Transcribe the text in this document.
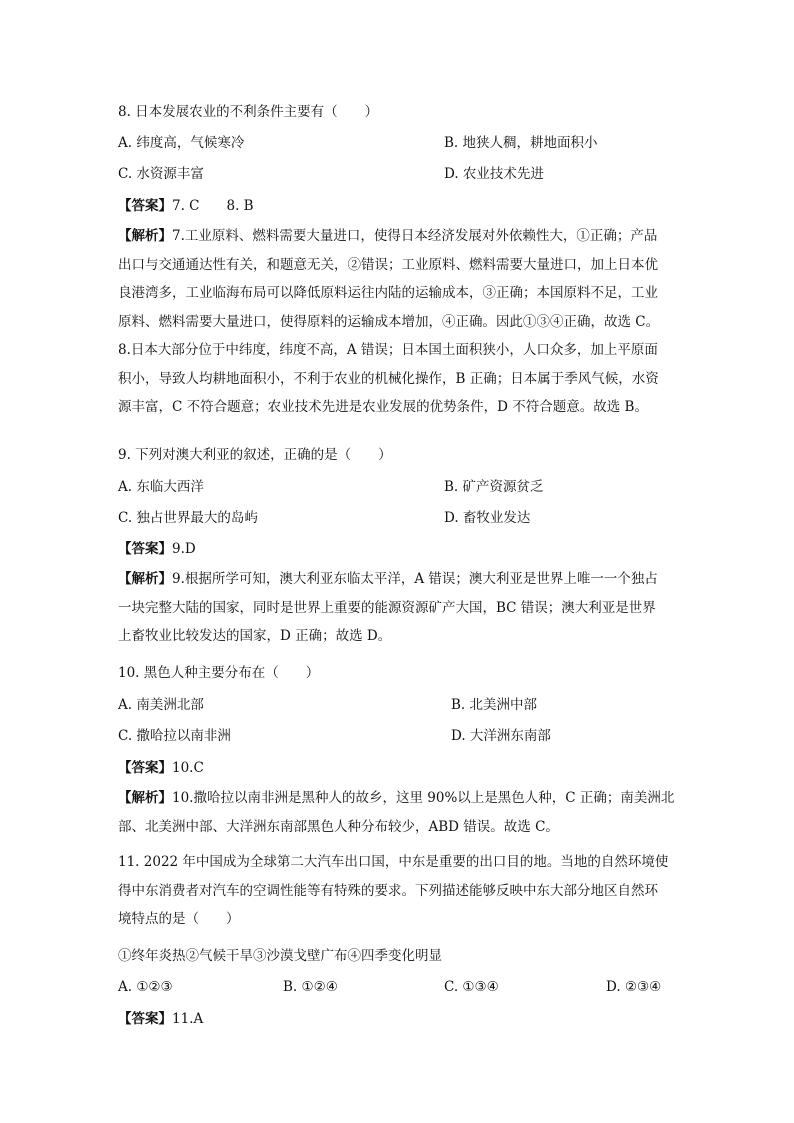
8. 日本发展农业的不利条件主要有（　　）
A. 纬度高，气候寒冷	B. 地狭人稠，耕地面积小
C. 水资源丰富	D. 农业技术先进
【答案】7. C　　8. B

【解析】7.工业原料、燃料需要大量进口，使得日本经济发展对外依赖性大，①正确；产品

出口与交通通达性有关，和题意无关，②错误；工业原料、燃料需要大量进口，加上日本优

良港湾多，工业临海布局可以降低原料运往内陆的运输成本，③正确；本国原料不足，工业

原料、燃料需要大量进口，使得原料的运输成本增加，④正确。因此①③④正确，故选 C。

8.日本大部分位于中纬度，纬度不高，A 错误；日本国土面积狭小，人口众多，加上平原面

积小，导致人均耕地面积小，不利于农业的机械化操作，B 正确；日本属于季风气候，水资

源丰富，C 不符合题意；农业技术先进是农业发展的优势条件，D 不符合题意。故选 B。

9. 下列对澳大利亚的叙述，正确的是（　　）
A. 东临大西洋	B. 矿产资源贫乏
C. 独占世界最大的岛屿	D. 畜牧业发达
【答案】9.D

【解析】9.根据所学可知，澳大利亚东临太平洋，A 错误；澳大利亚是世界上唯一一个独占

一块完整大陆的国家，同时是世界上重要的能源资源矿产大国，BC 错误；澳大利亚是世界

上畜牧业比较发达的国家，D 正确；故选 D。

10. 黑色人种主要分布在（　　）
A. 南美洲北部	B. 北美洲中部
C. 撒哈拉以南非洲	D. 大洋洲东南部
【答案】10.C

【解析】10.撒哈拉以南非洲是黑种人的故乡，这里 90%以上是黑色人种，C 正确；南美洲北

部、北美洲中部、大洋洲东南部黑色人种分布较少，ABD 错误。故选 C。

11. 2022 年中国成为全球第二大汽车出口国，中东是重要的出口目的地。当地的自然环境使

得中东消费者对汽车的空调性能等有特殊的要求。下列描述能够反映中东大部分地区自然环

境特点的是（　　）

①终年炎热②气候干旱③沙漠戈壁广布④四季变化明显
A. ①②③	B. ①②④	C. ①③④	D. ②③④
【答案】11.A
